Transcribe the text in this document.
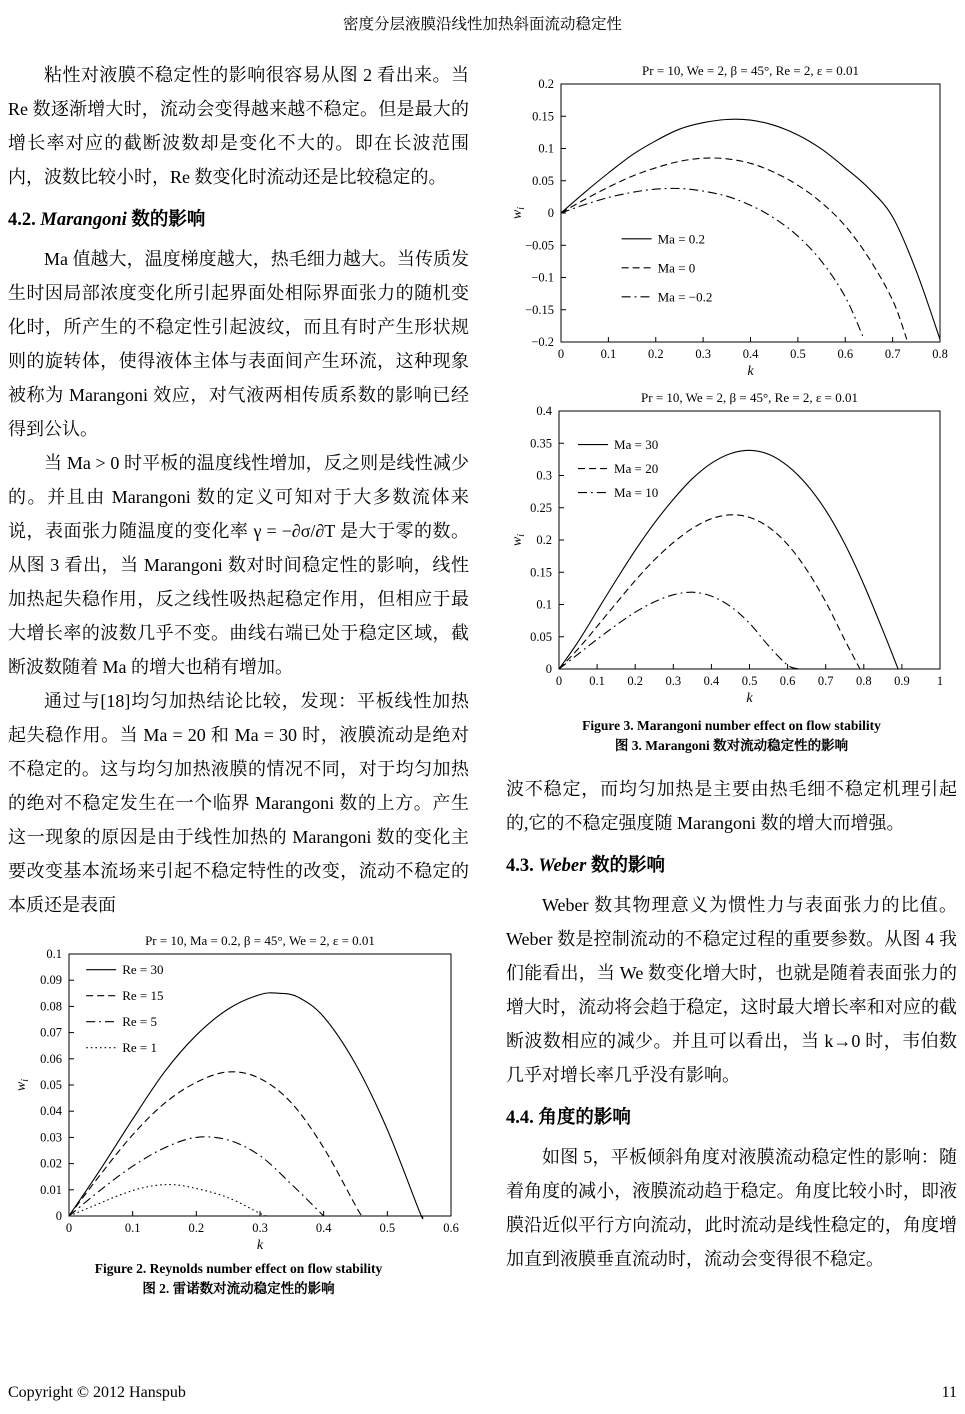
密度分层液膜沿线性加热斜面流动稳定性

粘性对液膜不稳定性的影响很容易从图 2 看出来。当 Re 数逐渐增大时，流动会变得越来越不稳定。但是最大的增长率对应的截断波数却是变化不大的。即在长波范围内，波数比较小时，Re 数变化时流动还是比较稳定的。

4.2. Marangoni 数的影响

Ma 值越大，温度梯度越大，热毛细力越大。当传质发生时因局部浓度变化所引起界面处相际界面张力的随机变化时，所产生的不稳定性引起波纹，而且有时产生形状规则的旋转体，使得液体主体与表面间产生环流，这种现象被称为 Marangoni 效应，对气液两相传质系数的影响已经得到公认。

当 Ma > 0 时平板的温度线性增加，反之则是线性减少的。并且由 Marangoni 数的定义可知对于大多数流体来说，表面张力随温度的变化率 γ = −∂σ/∂T 是大于零的数。从图 3 看出，当 Marangoni 数对时间稳定性的影响，线性加热起失稳作用，反之线性吸热起稳定作用，但相应于最大增长率的波数几乎不变。曲线右端已处于稳定区域，截断波数随着 Ma 的增大也稍有增加。

通过与[18]均匀加热结论比较，发现：平板线性加热起失稳作用。当 Ma = 20 和 Ma = 30 时，液膜流动是绝对不稳定的。这与均匀加热液膜的情况不同，对于均匀加热的绝对不稳定发生在一个临界 Marangoni 数的上方。产生这一现象的原因是由于线性加热的 Marangoni 数的变化主要改变基本流场来引起不稳定特性的改变，流动不稳定的本质还是表面

0	0.1	0.2	0.3	0.4	0.5	0.6
0
0.01
0.02
0.03
0.04
0.05
0.06
0.07
0.08
0.09
0.1
Pr = 10, Ma = 0.2, β = 45°, We = 2, ε = 0.01
k
$w_i$
Re = 30
Re = 15
Re = 5
Re = 1
Figure 2. Reynolds number effect on flow stability
图 2. 雷诺数对流动稳定性的影响
0	0.1	0.2	0.3	0.4	0.5	0.6	0.7	0.8
−0.2
−0.15
−0.1
−0.05
0
0.05
0.1
0.15
0.2
Pr = 10, We = 2, β = 45°, Re = 2, ε = 0.01
k
$w_i$
Ma = 0.2
Ma = 0
Ma = −0.2

0 0.1 0.2 0.3 0.4 0.5 0.6 0.7 0.8 0.9 1
0
0.05
0.1
0.15
0.2
0.25
0.3
0.35
0.4
Pr = 10, We = 2, β = 45°, Re = 2, ε = 0.01
k
$w_i$
Ma = 30
Ma = 20
Ma = 10
Figure 3. Marangoni number effect on flow stability
图 3. Marangoni 数对流动稳定性的影响

波不稳定，而均匀加热是主要由热毛细不稳定机理引起的,它的不稳定强度随 Marangoni 数的增大而增强。

4.3. Weber 数的影响

Weber 数其物理意义为惯性力与表面张力的比值。Weber 数是控制流动的不稳定过程的重要参数。从图 4 我们能看出，当 We 数变化增大时，也就是随着表面张力的增大时，流动将会趋于稳定，这时最大增长率和对应的截断波数相应的减少。并且可以看出，当 k→0 时，韦伯数几乎对增长率几乎没有影响。

4.4. 角度的影响

如图 5，平板倾斜角度对液膜流动稳定性的影响：随着角度的减小，液膜流动趋于稳定。角度比较小时，即液膜沿近似平行方向流动，此时流动是线性稳定的，角度增加直到液膜垂直流动时，流动会变得很不稳定。

Copyright © 2012 Hanspub	11
